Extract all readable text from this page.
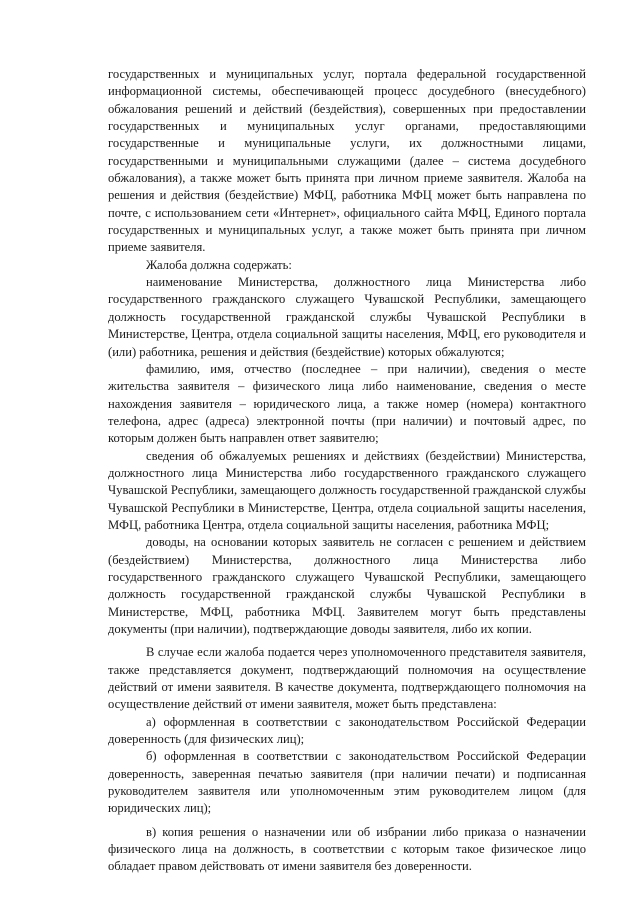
государственных и муниципальных услуг, портала федеральной государственной информационной системы, обеспечивающей процесс досудебного (внесудебного) обжалования решений и действий (бездействия), совершенных при предоставлении государственных и муниципальных услуг органами, предоставляющими государственные и муниципальные услуги, их должностными лицами, государственными и муниципальными служащими (далее – система досудебного обжалования), а также может быть принята при личном приеме заявителя. Жалоба на решения и действия (бездействие) МФЦ, работника МФЦ может быть направлена по почте, с использованием сети «Интернет», официального сайта МФЦ, Единого портала государственных и муниципальных услуг, а также может быть принята при личном приеме заявителя.

Жалоба должна содержать:

наименование Министерства, должностного лица Министерства либо государственного гражданского служащего Чувашской Республики, замещающего должность государственной гражданской службы Чувашской Республики в Министерстве, Центра, отдела социальной защиты населения, МФЦ, его руководителя и (или) работника, решения и действия (бездействие) которых обжалуются;

фамилию, имя, отчество (последнее – при наличии), сведения о месте жительства заявителя – физического лица либо наименование, сведения о месте нахождения заявителя – юридического лица, а также номер (номера) контактного телефона, адрес (адреса) электронной почты (при наличии) и почтовый адрес, по которым должен быть направлен ответ заявителю;

сведения об обжалуемых решениях и действиях (бездействии) Министерства, должностного лица Министерства либо государственного гражданского служащего Чувашской Республики, замещающего должность государственной гражданской службы Чувашской Республики в Министерстве, Центра, отдела социальной защиты населения, МФЦ, работника Центра, отдела социальной защиты населения, работника МФЦ;

доводы, на основании которых заявитель не согласен с решением и действием (бездействием) Министерства, должностного лица Министерства либо государственного гражданского служащего Чувашской Республики, замещающего должность государственной гражданской службы Чувашской Республики в Министерстве, МФЦ, работника МФЦ. Заявителем могут быть представлены документы (при наличии), подтверждающие доводы заявителя, либо их копии.

В случае если жалоба подается через уполномоченного представителя заявителя, также представляется документ, подтверждающий полномочия на осуществление действий от имени заявителя. В качестве документа, подтверждающего полномочия на осуществление действий от имени заявителя, может быть представлена:

а) оформленная в соответствии с законодательством Российской Федерации доверенность (для физических лиц);

б) оформленная в соответствии с законодательством Российской Федерации доверенность, заверенная печатью заявителя (при наличии печати) и подписанная руководителем заявителя или уполномоченным этим руководителем лицом (для юридических лиц);

в) копия решения о назначении или об избрании либо приказа о назначении физического лица на должность, в соответствии с которым такое физическое лицо обладает правом действовать от имени заявителя без доверенности.
